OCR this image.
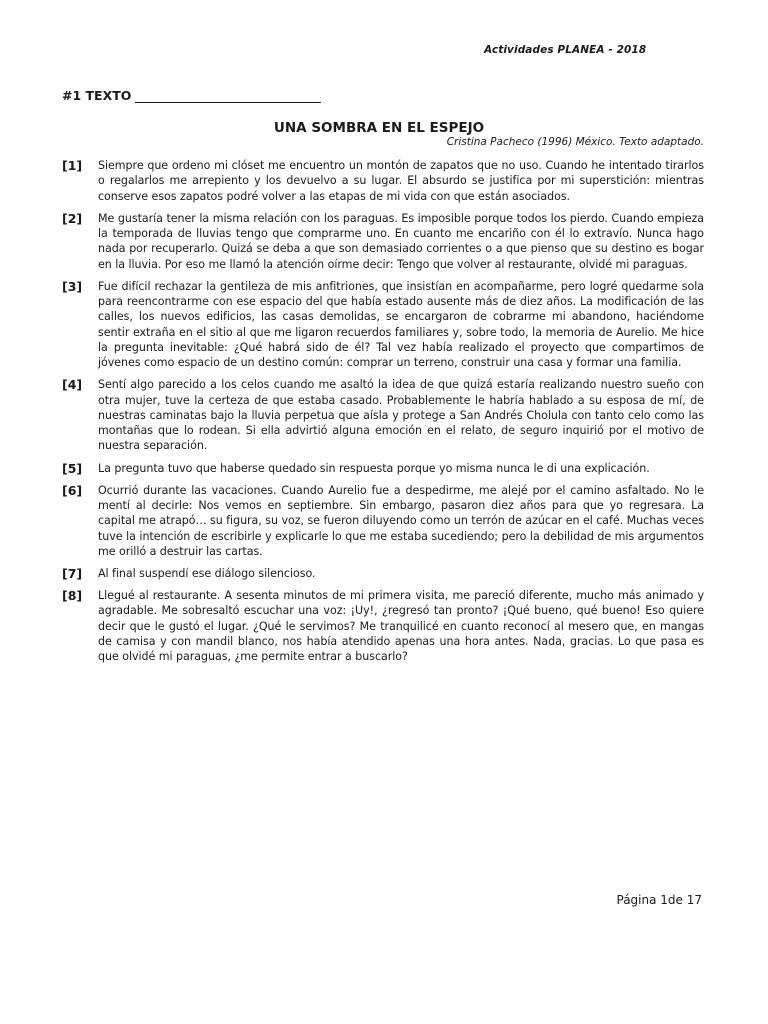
Actividades PLANEA - 2018
#1 TEXTO
UNA SOMBRA EN EL ESPEJO
Cristina Pacheco (1996) México. Texto adaptado.
[1]	Siempre que ordeno mi clóset me encuentro un montón de zapatos que no uso. Cuando he intentado tirarlos o regalarlos me arrepiento y los devuelvo a su lugar. El absurdo se justifica por mi superstición: mientras conserve esos zapatos podré volver a las etapas de mi vida con que están asociados.
[2]	Me gustaría tener la misma relación con los paraguas. Es imposible porque todos los pierdo. Cuando empieza la temporada de lluvias tengo que comprarme uno. En cuanto me encariño con él lo extravío. Nunca hago nada por recuperarlo. Quizá se deba a que son demasiado corrientes o a que pienso que su destino es bogar en la lluvia. Por eso me llamó la atención oírme decir: Tengo que volver al restaurante, olvidé mi paraguas.
[3]	Fue difícil rechazar la gentileza de mis anfitriones, que insistían en acompañarme, pero logré quedarme sola para reencontrarme con ese espacio del que había estado ausente más de diez años. La modificación de las calles, los nuevos edificios, las casas demolidas, se encargaron de cobrarme mi abandono, haciéndome sentir extraña en el sitio al que me ligaron recuerdos familiares y, sobre todo, la memoria de Aurelio. Me hice la pregunta inevitable: ¿Qué habrá sido de él? Tal vez había realizado el proyecto que compartimos de jóvenes como espacio de un destino común: comprar un terreno, construir una casa y formar una familia.
[4]	Sentí algo parecido a los celos cuando me asaltó la idea de que quizá estaría realizando nuestro sueño con otra mujer, tuve la certeza de que estaba casado. Probablemente le habría hablado a su esposa de mí, de nuestras caminatas bajo la lluvia perpetua que aísla y protege a San Andrés Cholula con tanto celo como las montañas que lo rodean. Si ella advirtió alguna emoción en el relato, de seguro inquirió por el motivo de nuestra separación.
[5]	La pregunta tuvo que haberse quedado sin respuesta porque yo misma nunca le di una explicación.
[6]	Ocurrió durante las vacaciones. Cuando Aurelio fue a despedirme, me alejé por el camino asfaltado. No le mentí al decirle: Nos vemos en septiembre. Sin embargo, pasaron diez años para que yo regresara. La capital me atrapó… su figura, su voz, se fueron diluyendo como un terrón de azúcar en el café. Muchas veces tuve la intención de escribirle y explicarle lo que me estaba sucediendo; pero la debilidad de mis argumentos me orilló a destruir las cartas.
[7]	Al final suspendí ese diálogo silencioso.
[8]	Llegué al restaurante. A sesenta minutos de mi primera visita, me pareció diferente, mucho más animado y agradable. Me sobresaltó escuchar una voz: ¡Uy!, ¿regresó tan pronto? ¡Qué bueno, qué bueno! Eso quiere decir que le gustó el lugar. ¿Qué le servimos? Me tranquilicé en cuanto reconocí al mesero que, en mangas de camisa y con mandil blanco, nos había atendido apenas una hora antes. Nada, gracias. Lo que pasa es que olvidé mi paraguas, ¿me permite entrar a buscarlo?
Página 1de 17
